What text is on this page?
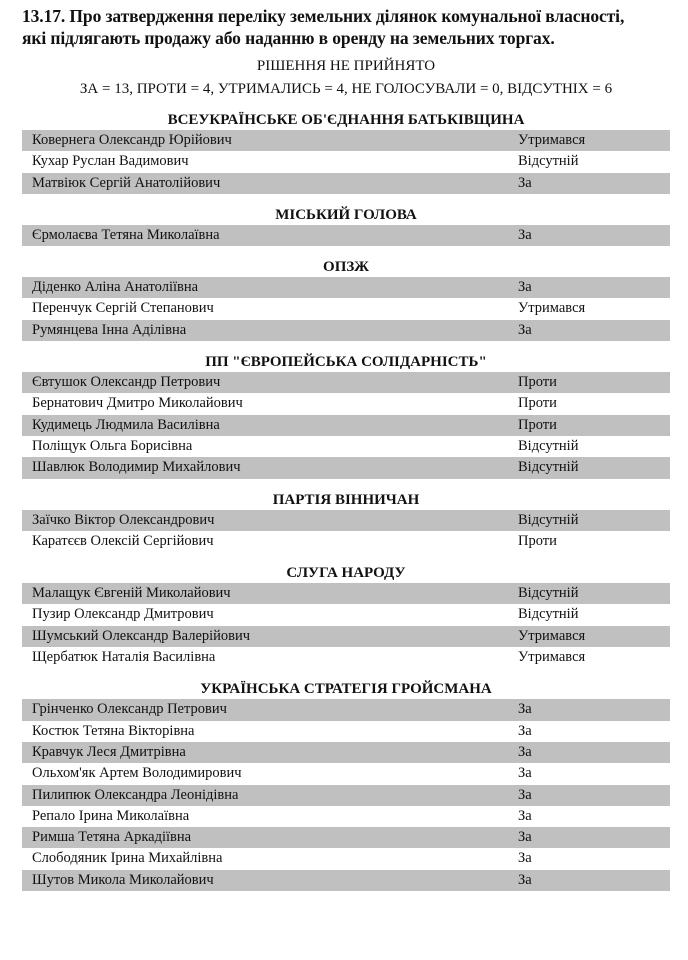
13.17. Про затвердження переліку земельних ділянок комунальної власності,
які підлягають продажу або наданню в оренду на земельних торгах.
РІШЕННЯ НЕ ПРИЙНЯТО
ЗА = 13, ПРОТИ = 4, УТРИМАЛИСЬ = 4, НЕ ГОЛОСУВАЛИ = 0, ВІДСУТНІХ = 6
ВСЕУКРАЇНСЬКЕ ОБ'ЄДНАННЯ БАТЬКІВЩИНА
Ковернега Олександр Юрійович	Утримався
Кухар Руслан Вадимович	Відсутній
Матвіюк Сергій Анатолійович	За
МІСЬКИЙ ГОЛОВА
Єрмолаєва Тетяна Миколаївна	За
ОПЗЖ
Діденко Аліна Анатоліївна	За
Перенчук Сергій Степанович	Утримався
Румянцева Інна Аділівна	За
ПП "ЄВРОПЕЙСЬКА СОЛІДАРНІСТЬ"
Євтушок Олександр Петрович	Проти
Бернатович Дмитро Миколайович	Проти
Кудимець Людмила Василівна	Проти
Поліщук Ольга Борисівна	Відсутній
Шавлюк Володимир Михайлович	Відсутній
ПАРТІЯ ВІННИЧАН
Заїчко Віктор Олександрович	Відсутній
Каратєєв Олексій Сергійович	Проти
СЛУГА НАРОДУ
Малащук Євгеній Миколайович	Відсутній
Пузир Олександр Дмитрович	Відсутній
Шумський Олександр Валерійович	Утримався
Щербатюк Наталія Василівна	Утримався
УКРАЇНСЬКА СТРАТЕГІЯ ГРОЙСМАНА
Грінченко Олександр Петрович	За
Костюк Тетяна Вікторівна	За
Кравчук Леся Дмитрівна	За
Ольхом'як Артем Володимирович	За
Пилипюк Олександра Леонідівна	За
Репало Ірина Миколаївна	За
Римша Тетяна Аркадіївна	За
Слободяник Ірина Михайлівна	За
Шутов Микола Миколайович	За
